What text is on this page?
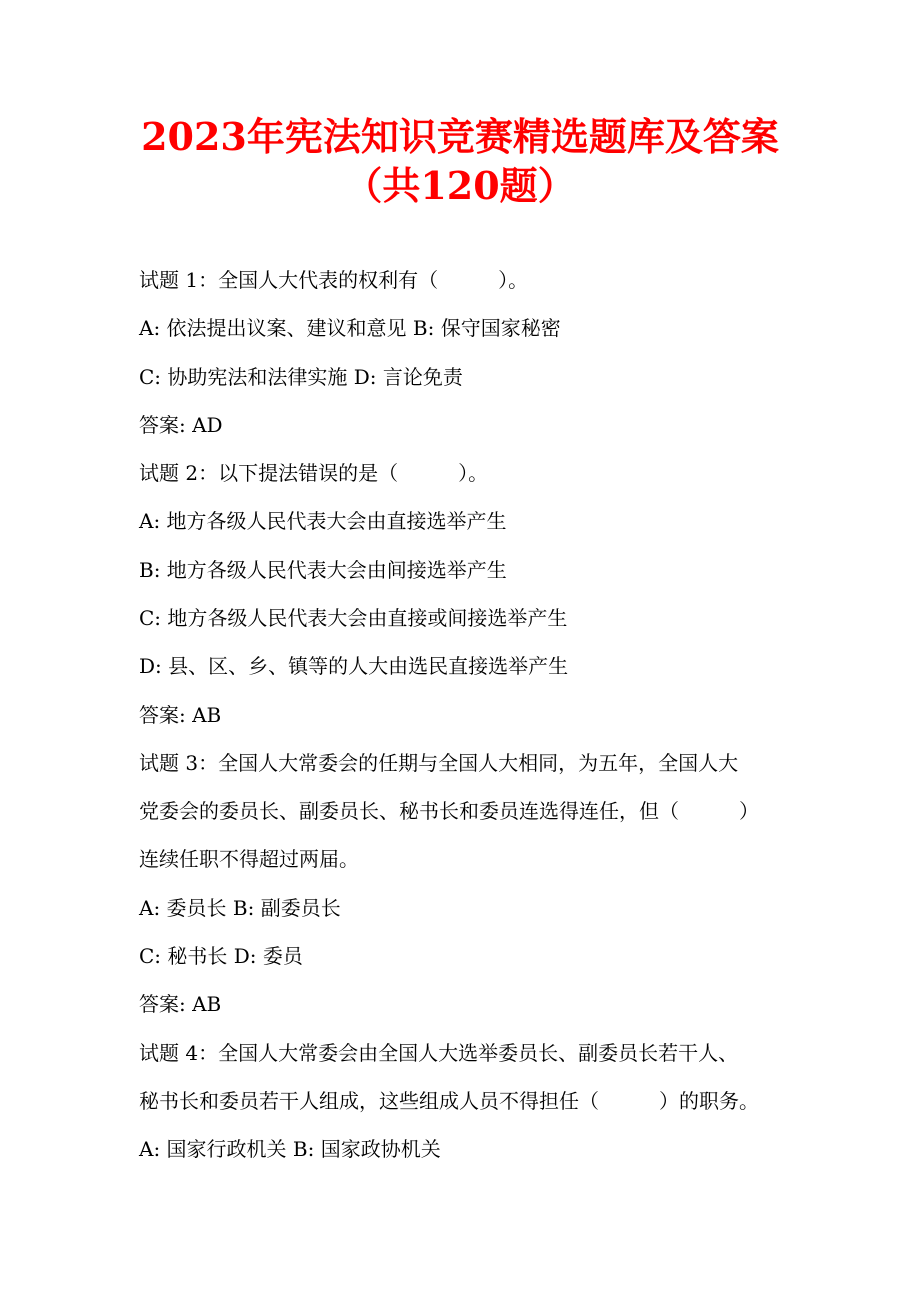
2023年宪法知识竞赛精选题库及答案
（共120题）
试题 1：全国人大代表的权利有（　　　）。
A: 依法提出议案、建议和意见 B: 保守国家秘密
C: 协助宪法和法律实施 D: 言论免责
答案: AD
试题 2：以下提法错误的是（　　　）。
A: 地方各级人民代表大会由直接选举产生
B: 地方各级人民代表大会由间接选举产生
C: 地方各级人民代表大会由直接或间接选举产生
D: 县、区、乡、镇等的人大由选民直接选举产生
答案: AB
试题 3：全国人大常委会的任期与全国人大相同，为五年，全国人大
党委会的委员长、副委员长、秘书长和委员连选得连任，但（　　　）
连续任职不得超过两届。
A: 委员长 B: 副委员长
C: 秘书长 D: 委员
答案: AB
试题 4：全国人大常委会由全国人大选举委员长、副委员长若干人、
秘书长和委员若干人组成，这些组成人员不得担任（　　　）的职务。
A: 国家行政机关 B: 国家政协机关
